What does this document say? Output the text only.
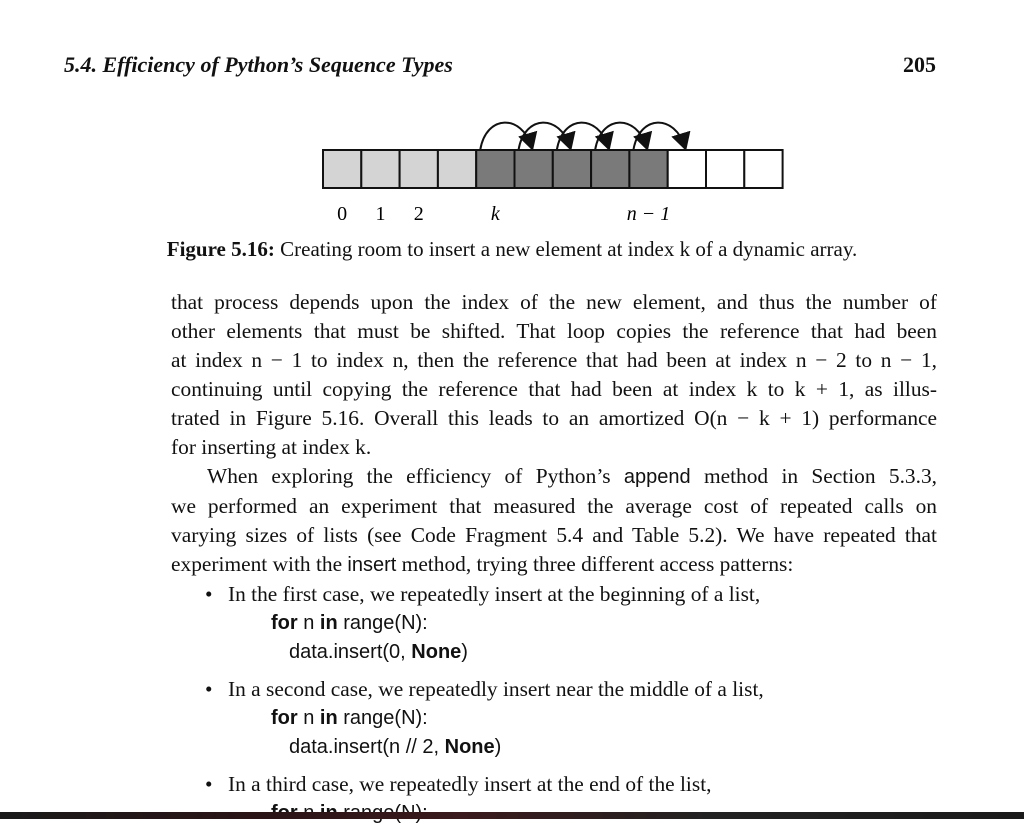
5.4. Efficiency of Python’s Sequence Types	205
0 1 2	k	n − 1
Figure 5.16: Creating room to insert a new element at index k of a dynamic array.

that process depends upon the index of the new element, and thus the number of

other elements that must be shifted. That loop copies the reference that had been

at index n − 1 to index n, then the reference that had been at index n − 2 to n − 1,

continuing until copying the reference that had been at index k to k + 1, as illus-

trated in Figure 5.16. Overall this leads to an amortized O(n − k + 1) performance

for inserting at index k.

When exploring the efficiency of Python’s append method in Section 5.3.3,

we performed an experiment that measured the average cost of repeated calls on

varying sizes of lists (see Code Fragment 5.4 and Table 5.2). We have repeated that

experiment with the insert method, trying three different access patterns:

• In the first case, we repeatedly insert at the beginning of a list,

for n in range(N):
data.insert(0, None)

• In a second case, we repeatedly insert near the middle of a list,

for n in range(N):
data.insert(n // 2, None)

• In a third case, we repeatedly insert at the end of the list,
